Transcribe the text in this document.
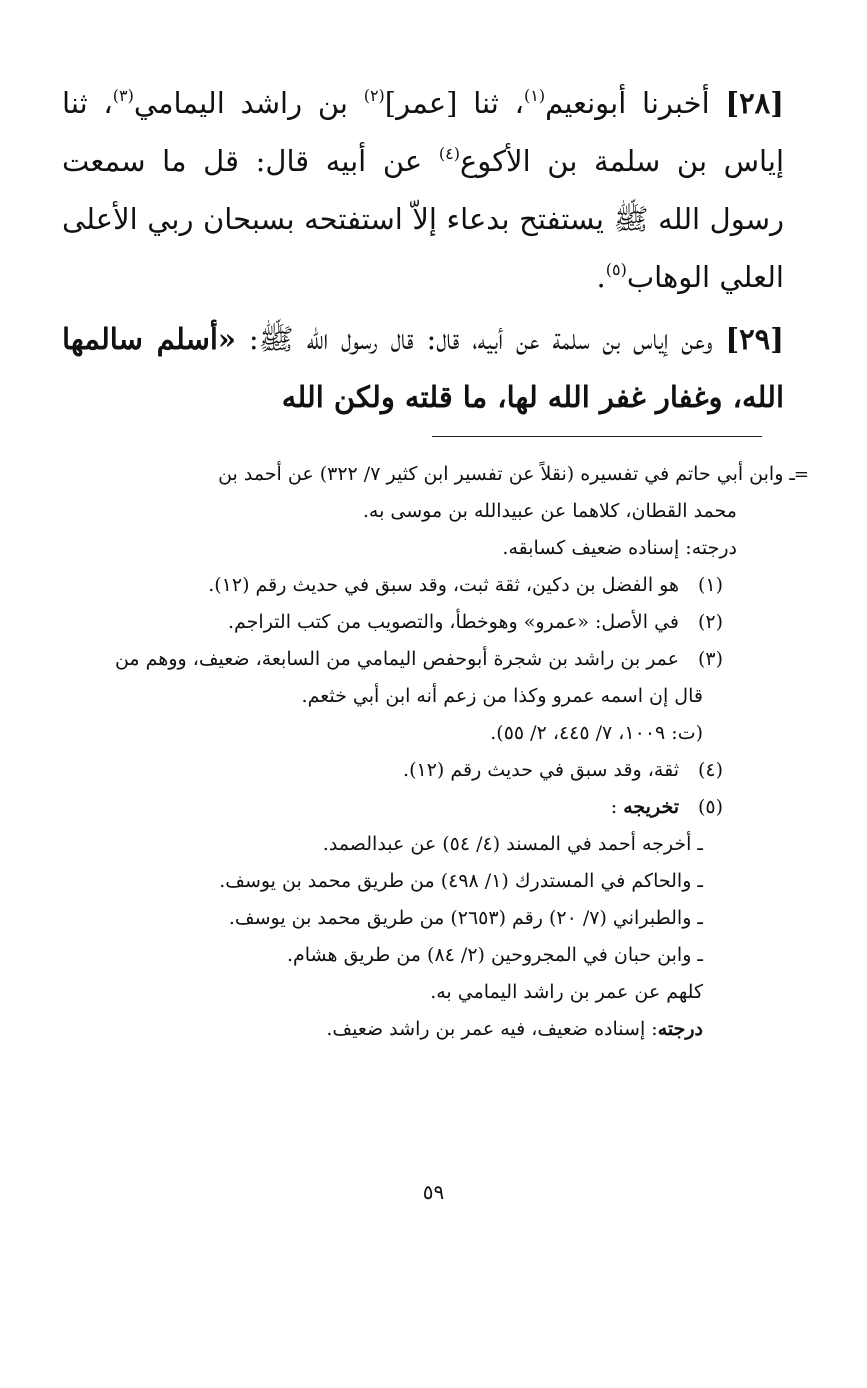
[٢٨] أخبرنا أبونعيم$^{(١)}$، ثنا [عمر]$^{(٢)}$ بن راشد اليمامي$^{(٣)}$، ثنا إياس بن سلمة بن الأكوع$^{(٤)}$ عن أبيه قال: قل ما سمعت رسول الله ﷺ يستفتح بدعاء إلاّ استفتحه بسبحان ربي الأعلى العلي الوهاب$^{(٥)}$.
[٢٩] وعن إياس بن سلمة عن أبيه، قال: قال رسول الله ﷺ: «أسلم سالمها الله، وغفار غفر الله لها، ما قلته ولكن الله
=
ـ وابن أبي حاتم في تفسيره (نقلاً عن تفسير ابن كثير ٧/ ٣٢٢) عن أحمد بن
محمد القطان، كلاهما عن عبيدالله بن موسى به.
درجته: إسناده ضعيف كسابقه.
(١)هو الفضل بن دكين، ثقة ثبت، وقد سبق في حديث رقم (١٢).
(٢)في الأصل: «عمرو» وهوخطأ، والتصويب من كتب التراجم.
(٣)عمر بن راشد بن شجرة أبوحفص اليمامي من السابعة، ضعيف، ووهم من
قال إن اسمه عمرو وكذا من زعم أنه ابن أبي خثعم.
(ت: ١٠٠٩، ٧/ ٤٤٥، ٢/ ٥٥).
(٤)ثقة، وقد سبق في حديث رقم (١٢).
(٥)تخريجه :
ـ أخرجه أحمد في المسند (٤/ ٥٤) عن عبدالصمد.
ـ والحاكم في المستدرك (١/ ٤٩٨) من طريق محمد بن يوسف.
ـ والطبراني (٧/ ٢٠) رقم (٢٦٥٣) من طريق محمد بن يوسف.
ـ وابن حبان في المجروحين (٢/ ٨٤) من طريق هشام.
كلهم عن عمر بن راشد اليمامي به.
درجته: إسناده ضعيف، فيه عمر بن راشد ضعيف.
٥٩
